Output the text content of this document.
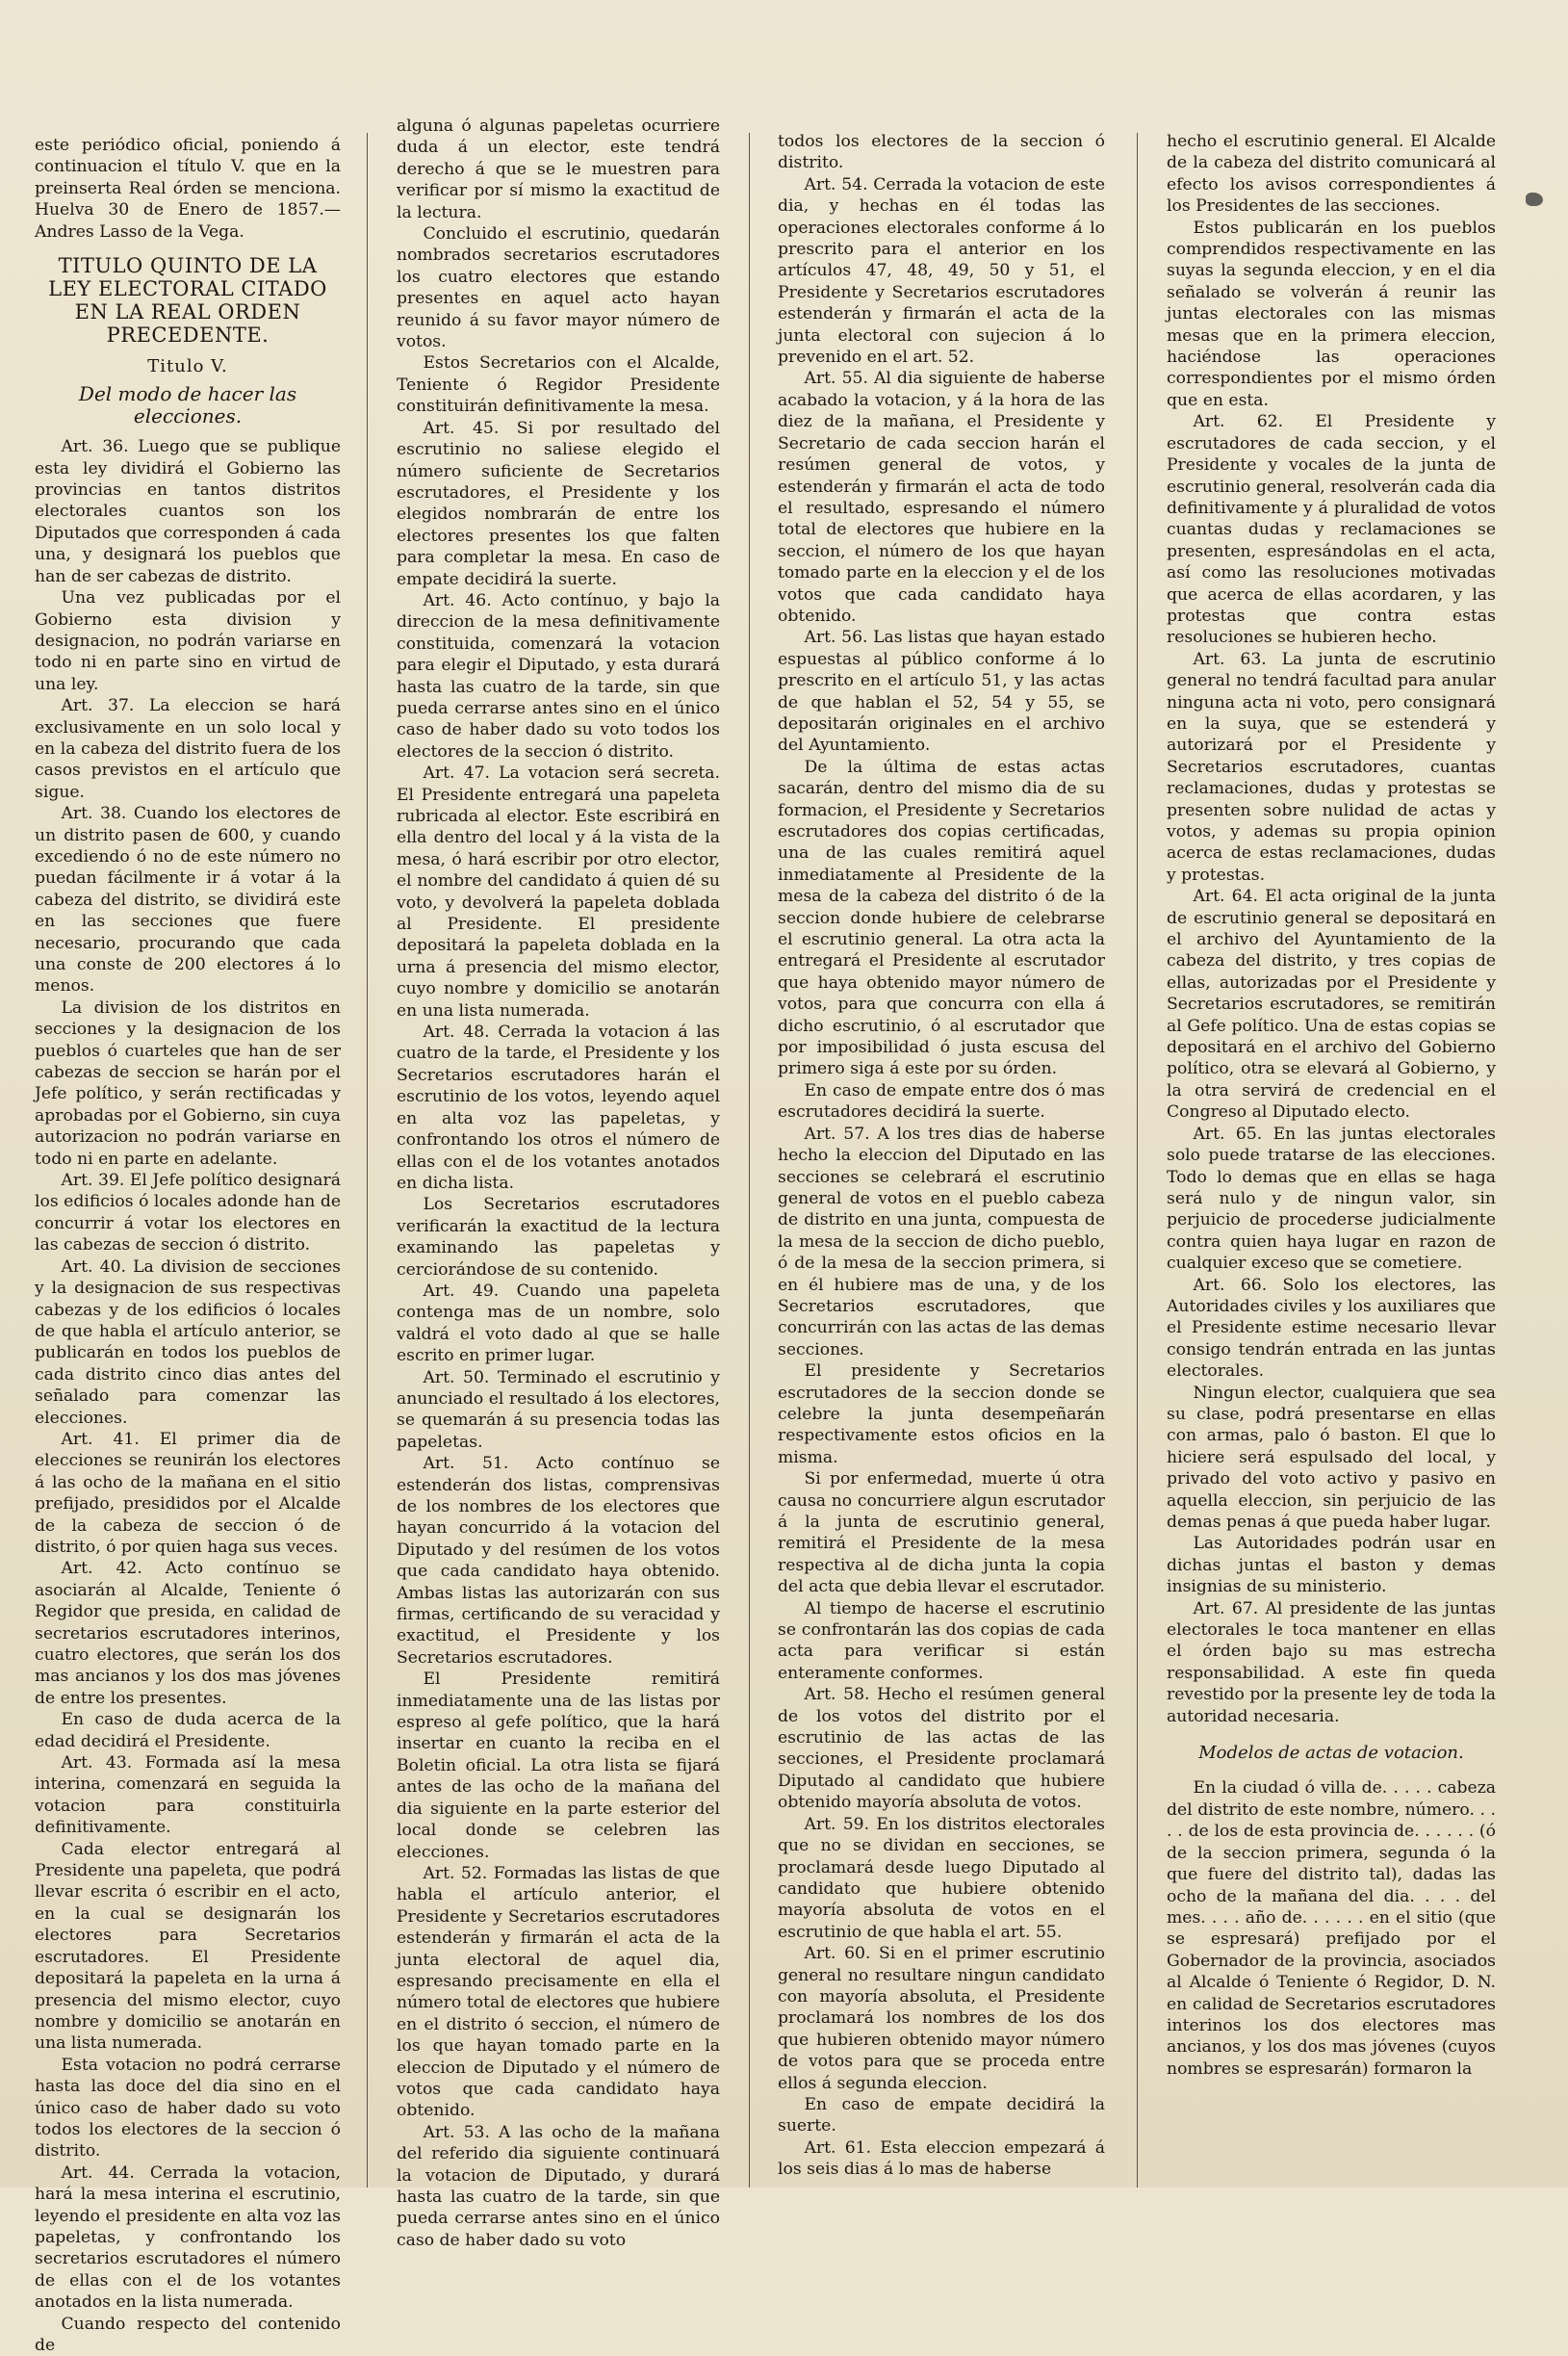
este periódico oficial, poniendo á continuacion el título V. que en la preinserta Real órden se menciona. Huelva 30 de Enero de 1857.— Andres Lasso de la Vega.

TITULO QUINTO DE LA LEY ELECTORAL CITADO EN LA REAL ORDEN PRECEDENTE.

Titulo V.

Del modo de hacer las elecciones.

Art. 36. Luego que se publique esta ley dividirá el Gobierno las provincias en tantos distritos electorales cuantos son los Diputados que corresponden á cada una, y designará los pueblos que han de ser cabezas de distrito.

Una vez publicadas por el Gobierno esta division y designacion, no podrán variarse en todo ni en parte sino en virtud de una ley.

Art. 37. La eleccion se hará exclusivamente en un solo local y en la cabeza del distrito fuera de los casos previstos en el artículo que sigue.

Art. 38. Cuando los electores de un distrito pasen de 600, y cuando excediendo ó no de este número no puedan fácilmente ir á votar á la cabeza del distrito, se dividirá este en las secciones que fuere necesario, procurando que cada una conste de 200 electores á lo menos.

La division de los distritos en secciones y la designacion de los pueblos ó cuarteles que han de ser cabezas de seccion se harán por el Jefe político, y serán rectificadas y aprobadas por el Gobierno, sin cuya autorizacion no podrán variarse en todo ni en parte en adelante.

Art. 39. El Jefe político designará los edificios ó locales adonde han de concurrir á votar los electores en las cabezas de seccion ó distrito.

Art. 40. La division de secciones y la designacion de sus respectivas cabezas y de los edificios ó locales de que habla el artículo anterior, se publicarán en todos los pueblos de cada distrito cinco dias antes del señalado para comenzar las elecciones.

Art. 41. El primer dia de elecciones se reunirán los electores á las ocho de la mañana en el sitio prefijado, presididos por el Alcalde de la cabeza de seccion ó de distrito, ó por quien haga sus veces.

Art. 42. Acto contínuo se asociarán al Alcalde, Teniente ó Regidor que presida, en calidad de secretarios escrutadores interinos, cuatro electores, que serán los dos mas ancianos y los dos mas jóvenes de entre los presentes.

En caso de duda acerca de la edad decidirá el Presidente.

Art. 43. Formada así la mesa interina, comenzará en seguida la votacion para constituirla definitivamente.

Cada elector entregará al Presidente una papeleta, que podrá llevar escrita ó escribir en el acto, en la cual se designarán los electores para Secretarios escrutadores. El Presidente depositará la papeleta en la urna á presencia del mismo elector, cuyo nombre y domicilio se anotarán en una lista numerada.

Esta votacion no podrá cerrarse hasta las doce del dia sino en el único caso de haber dado su voto todos los electores de la seccion ó distrito.

Art. 44. Cerrada la votacion, hará la mesa interina el escrutinio, leyendo el presidente en alta voz las papeletas, y confrontando los secretarios escrutadores el número de ellas con el de los votantes anotados en la lista numerada.

Cuando respecto del contenido de

alguna ó algunas papeletas ocurriere duda á un elector, este tendrá derecho á que se le muestren para verificar por sí mismo la exactitud de la lectura.

Concluido el escrutinio, quedarán nombrados secretarios escrutadores los cuatro electores que estando presentes en aquel acto hayan reunido á su favor mayor número de votos.

Estos Secretarios con el Alcalde, Teniente ó Regidor Presidente constituirán definitivamente la mesa.

Art. 45. Si por resultado del escrutinio no saliese elegido el número suficiente de Secretarios escrutadores, el Presidente y los elegidos nombrarán de entre los electores presentes los que falten para completar la mesa. En caso de empate decidirá la suerte.

Art. 46. Acto contínuo, y bajo la direccion de la mesa definitivamente constituida, comenzará la votacion para elegir el Diputado, y esta durará hasta las cuatro de la tarde, sin que pueda cerrarse antes sino en el único caso de haber dado su voto todos los electores de la seccion ó distrito.

Art. 47. La votacion será secreta. El Presidente entregará una papeleta rubricada al elector. Este escribirá en ella dentro del local y á la vista de la mesa, ó hará escribir por otro elector, el nombre del candidato á quien dé su voto, y devolverá la papeleta doblada al Presidente. El presidente depositará la papeleta doblada en la urna á presencia del mismo elector, cuyo nombre y domicilio se anotarán en una lista numerada.

Art. 48. Cerrada la votacion á las cuatro de la tarde, el Presidente y los Secretarios escrutadores harán el escrutinio de los votos, leyendo aquel en alta voz las papeletas, y confrontando los otros el número de ellas con el de los votantes anotados en dicha lista.

Los Secretarios escrutadores verificarán la exactitud de la lectura examinando las papeletas y cerciorándose de su contenido.

Art. 49. Cuando una papeleta contenga mas de un nombre, solo valdrá el voto dado al que se halle escrito en primer lugar.

Art. 50. Terminado el escrutinio y anunciado el resultado á los electores, se quemarán á su presencia todas las papeletas.

Art. 51. Acto contínuo se estenderán dos listas, comprensivas de los nombres de los electores que hayan concurrido á la votacion del Diputado y del resúmen de los votos que cada candidato haya obtenido. Ambas listas las autorizarán con sus firmas, certificando de su veracidad y exactitud, el Presidente y los Secretarios escrutadores.

El Presidente remitirá inmediatamente una de las listas por espreso al gefe político, que la hará insertar en cuanto la reciba en el Boletin oficial. La otra lista se fijará antes de las ocho de la mañana del dia siguiente en la parte esterior del local donde se celebren las elecciones.

Art. 52. Formadas las listas de que habla el artículo anterior, el Presidente y Secretarios escrutadores estenderán y firmarán el acta de la junta electoral de aquel dia, espresando precisamente en ella el número total de electores que hubiere en el distrito ó seccion, el número de los que hayan tomado parte en la eleccion de Diputado y el número de votos que cada candidato haya obtenido.

Art. 53. A las ocho de la mañana del referido dia siguiente continuará la votacion de Diputado, y durará hasta las cuatro de la tarde, sin que pueda cerrarse antes sino en el único caso de haber dado su voto

todos los electores de la seccion ó distrito.

Art. 54. Cerrada la votacion de este dia, y hechas en él todas las operaciones electorales conforme á lo prescrito para el anterior en los artículos 47, 48, 49, 50 y 51, el Presidente y Secretarios escrutadores estenderán y firmarán el acta de la junta electoral con sujecion á lo prevenido en el art. 52.

Art. 55. Al dia siguiente de haberse acabado la votacion, y á la hora de las diez de la mañana, el Presidente y Secretario de cada seccion harán el resúmen general de votos, y estenderán y firmarán el acta de todo el resultado, espresando el número total de electores que hubiere en la seccion, el número de los que hayan tomado parte en la eleccion y el de los votos que cada candidato haya obtenido.

Art. 56. Las listas que hayan estado espuestas al público conforme á lo prescrito en el artículo 51, y las actas de que hablan el 52, 54 y 55, se depositarán originales en el archivo del Ayuntamiento.

De la última de estas actas sacarán, dentro del mismo dia de su formacion, el Presidente y Secretarios escrutadores dos copias certificadas, una de las cuales remitirá aquel inmediatamente al Presidente de la mesa de la cabeza del distrito ó de la seccion donde hubiere de celebrarse el escrutinio general. La otra acta la entregará el Presidente al escrutador que haya obtenido mayor número de votos, para que concurra con ella á dicho escrutinio, ó al escrutador que por imposibilidad ó justa escusa del primero siga á este por su órden.

En caso de empate entre dos ó mas escrutadores decidirá la suerte.

Art. 57. A los tres dias de haberse hecho la eleccion del Diputado en las secciones se celebrará el escrutinio general de votos en el pueblo cabeza de distrito en una junta, compuesta de la mesa de la seccion de dicho pueblo, ó de la mesa de la seccion primera, si en él hubiere mas de una, y de los Secretarios escrutadores, que concurrirán con las actas de las demas secciones.

El presidente y Secretarios escrutadores de la seccion donde se celebre la junta desempeñarán respectivamente estos oficios en la misma.

Si por enfermedad, muerte ú otra causa no concurriere algun escrutador á la junta de escrutinio general, remitirá el Presidente de la mesa respectiva al de dicha junta la copia del acta que debia llevar el escrutador.

Al tiempo de hacerse el escrutinio se confrontarán las dos copias de cada acta para verificar si están enteramente conformes.

Art. 58. Hecho el resúmen general de los votos del distrito por el escrutinio de las actas de las secciones, el Presidente proclamará Diputado al candidato que hubiere obtenido mayoría absoluta de votos.

Art. 59. En los distritos electorales que no se dividan en secciones, se proclamará desde luego Diputado al candidato que hubiere obtenido mayoría absoluta de votos en el escrutinio de que habla el art. 55.

Art. 60. Si en el primer escrutinio general no resultare ningun candidato con mayoría absoluta, el Presidente proclamará los nombres de los dos que hubieren obtenido mayor número de votos para que se proceda entre ellos á segunda eleccion.

En caso de empate decidirá la suerte.

Art. 61. Esta eleccion empezará á los seis dias á lo mas de haberse

hecho el escrutinio general. El Alcalde de la cabeza del distrito comunicará al efecto los avisos correspondientes á los Presidentes de las secciones.

Estos publicarán en los pueblos comprendidos respectivamente en las suyas la segunda eleccion, y en el dia señalado se volverán á reunir las juntas electorales con las mismas mesas que en la primera eleccion, haciéndose las operaciones correspondientes por el mismo órden que en esta.

Art. 62. El Presidente y escrutadores de cada seccion, y el Presidente y vocales de la junta de escrutinio general, resolverán cada dia definitivamente y á pluralidad de votos cuantas dudas y reclamaciones se presenten, espresándolas en el acta, así como las resoluciones motivadas que acerca de ellas acordaren, y las protestas que contra estas resoluciones se hubieren hecho.

Art. 63. La junta de escrutinio general no tendrá facultad para anular ninguna acta ni voto, pero consignará en la suya, que se estenderá y autorizará por el Presidente y Secretarios escrutadores, cuantas reclamaciones, dudas y protestas se presenten sobre nulidad de actas y votos, y ademas su propia opinion acerca de estas reclamaciones, dudas y protestas.

Art. 64. El acta original de la junta de escrutinio general se depositará en el archivo del Ayuntamiento de la cabeza del distrito, y tres copias de ellas, autorizadas por el Presidente y Secretarios escrutadores, se remitirán al Gefe político. Una de estas copias se depositará en el archivo del Gobierno político, otra se elevará al Gobierno, y la otra servirá de credencial en el Congreso al Diputado electo.

Art. 65. En las juntas electorales solo puede tratarse de las elecciones. Todo lo demas que en ellas se haga será nulo y de ningun valor, sin perjuicio de procederse judicialmente contra quien haya lugar en razon de cualquier exceso que se cometiere.

Art. 66. Solo los electores, las Autoridades civiles y los auxiliares que el Presidente estime necesario llevar consigo tendrán entrada en las juntas electorales.

Ningun elector, cualquiera que sea su clase, podrá presentarse en ellas con armas, palo ó baston. El que lo hiciere será espulsado del local, y privado del voto activo y pasivo en aquella eleccion, sin perjuicio de las demas penas á que pueda haber lugar.

Las Autoridades podrán usar en dichas juntas el baston y demas insignias de su ministerio.

Art. 67. Al presidente de las juntas electorales le toca mantener en ellas el órden bajo su mas estrecha responsabilidad. A este fin queda revestido por la presente ley de toda la autoridad necesaria.

Modelos de actas de votacion.

En la ciudad ó villa de. . . . . cabeza del distrito de este nombre, número. . . . . de los de esta provincia de. . . . . . (ó de la seccion primera, segunda ó la que fuere del distrito tal), dadas las ocho de la mañana del dia. . . . del mes. . . . año de. . . . . . en el sitio (que se espresará) prefijado por el Gobernador de la provincia, asociados al Alcalde ó Teniente ó Regidor, D. N. en calidad de Secretarios escrutadores interinos los dos electores mas ancianos, y los dos mas jóvenes (cuyos nombres se espresarán) formaron la
